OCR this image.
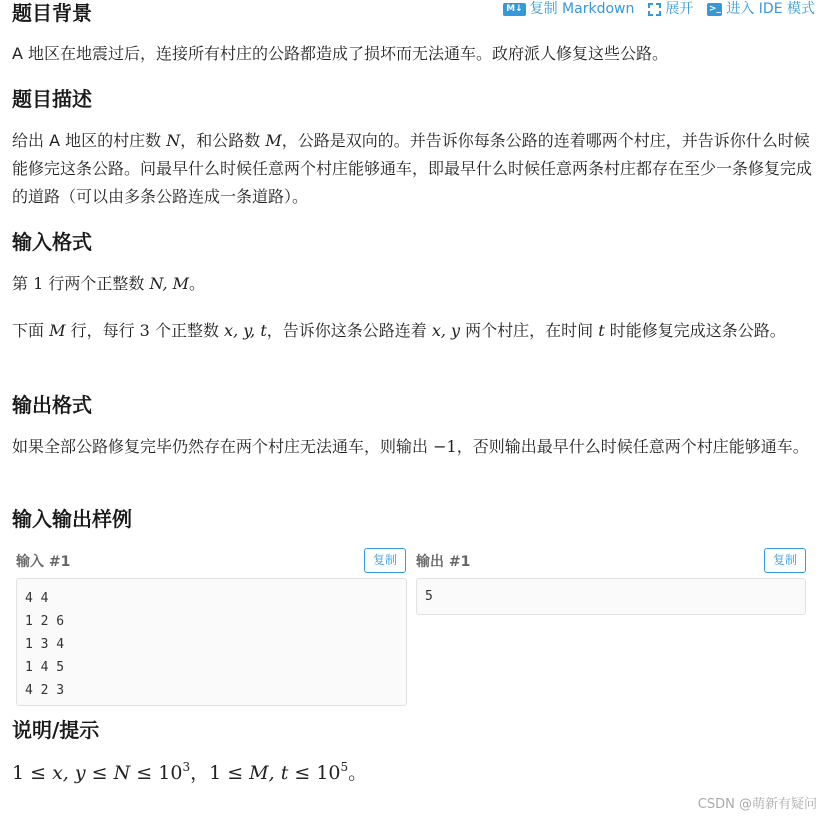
M↓ 复制 Markdown 展开 >_ 进入 IDE 模式
题目背景

A 地区在地震过后，连接所有村庄的公路都造成了损坏而无法通车。政府派人修复这些公路。

题目描述

给出 A 地区的村庄数 N，和公路数 M，公路是双向的。并告诉你每条公路的连着哪两个村庄，并告诉你什么时候能修完这条公路。问最早什么时候任意两个村庄能够通车，即最早什么时候任意两条村庄都存在至少一条修复完成的道路（可以由多条公路连成一条道路）。

输入格式

第 1 行两个正整数 N, M。

下面 M 行，每行 3 个正整数 x, y, t，告诉你这条公路连着 x, y 两个村庄，在时间 t 时能修复完成这条公路。

输出格式

如果全部公路修复完毕仍然存在两个村庄无法通车，则输出 −1，否则输出最早什么时候任意两个村庄能够通车。

输入输出样例
输入 #1	复制
4 4
1 2 6
1 3 4
1 4 5
4 2 3
输出 #1	复制
5
说明/提示
1 ≤ x, $y \le N \le 10^3$，1 ≤ M, $t \le 10^5$。
CSDN @萌新有疑问
